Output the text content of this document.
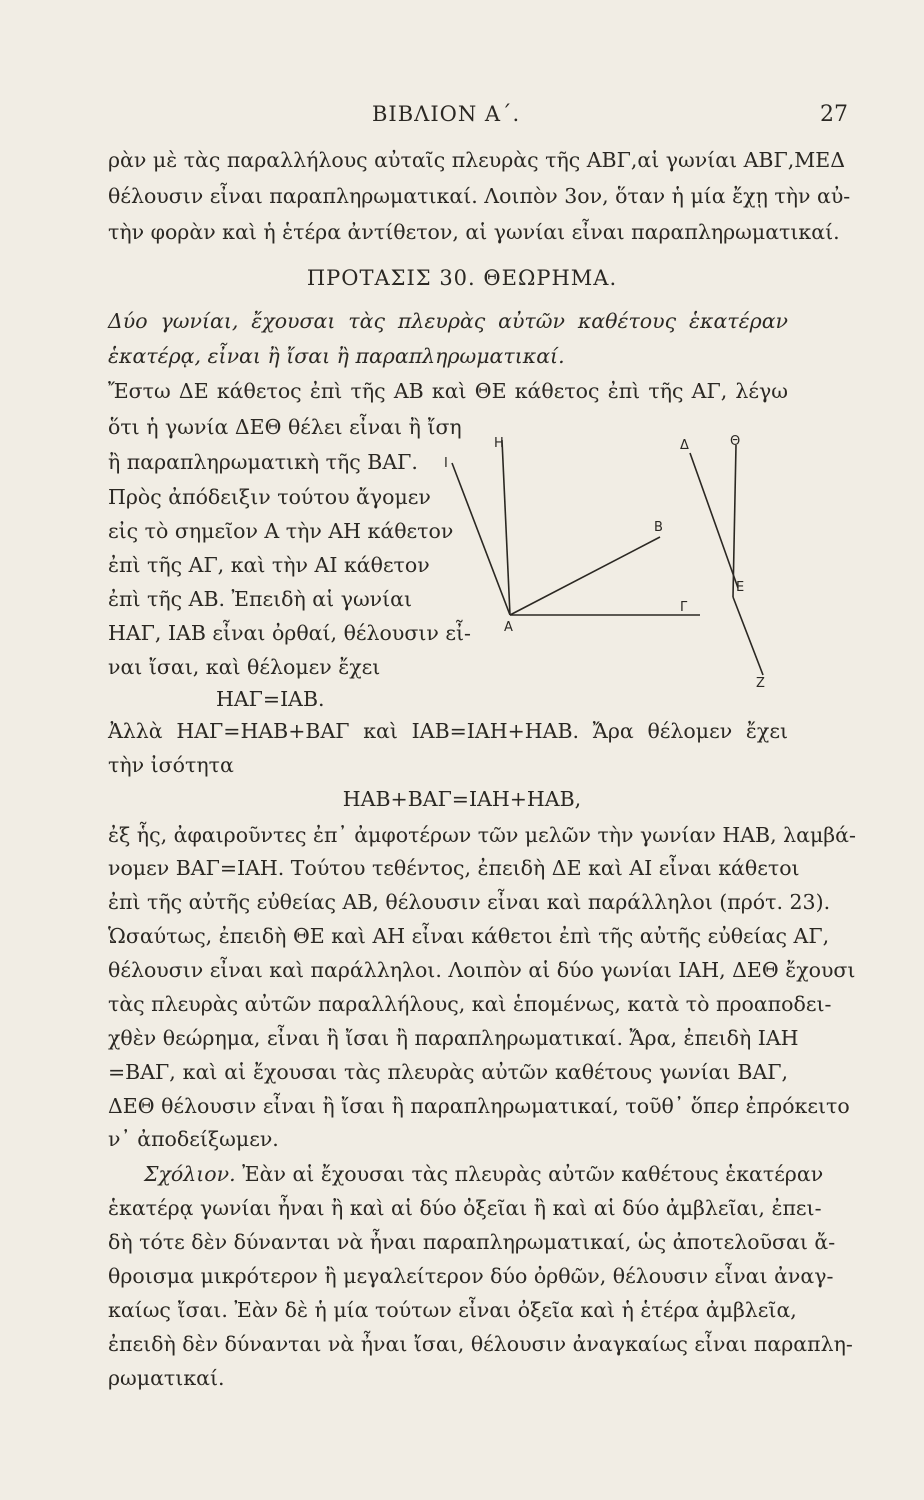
ΒΙΒΛΙΟΝ Α΄.	27
ρὰν μὲ τὰς παραλλήλους αὐταῖς πλευρὰς τῆς ΑΒΓ,αἱ γωνίαι ΑΒΓ,ΜΕΔ
θέλουσιν εἶναι παραπληρωματικαί. Λοιπὸν 3ον, ὅταν ἡ μία ἔχῃ τὴν αὐ-
τὴν φορὰν καὶ ἡ ἑτέρα ἀντίθετον, αἱ γωνίαι εἶναι παραπληρωματικαί.
ΠΡΟΤΑΣΙΣ 30. ΘΕΩΡΗΜΑ.
Δύο γωνίαι, ἔχουσαι τὰς πλευρὰς αὐτῶν καθέτους ἑκατέραν
ἑκατέρᾳ, εἶναι ἢ ἴσαι ἢ παραπληρωματικαί.
Ἔστω ΔΕ κάθετος ἐπὶ τῆς ΑΒ καὶ ΘΕ κάθετος ἐπὶ τῆς ΑΓ, λέγω
ὅτι ἡ γωνία ΔΕΘ θέλει εἶναι ἢ ἴση
ἢ παραπληρωματικὴ τῆς ΒΑΓ.
Πρὸς ἀπόδειξιν τούτου ἄγομεν
εἰς τὸ σημεῖον Α τὴν ΑΗ κάθετον
ἐπὶ τῆς ΑΓ, καὶ τὴν ΑΙ κάθετον
ἐπὶ τῆς ΑΒ. Ἐπειδὴ αἱ γωνίαι
ΗΑΓ, ΙΑΒ εἶναι ὀρθαί, θέλουσιν εἶ-
ναι ἴσαι, καὶ θέλομεν ἔχει
ΗΑΓ=ΙΑΒ.
Η
Ι
Δ	Θ
Β
Ε
Α
Γ
Ζ
Ἀλλὰ ΗΑΓ=ΗΑΒ+ΒΑΓ καὶ ΙΑΒ=ΙΑΗ+ΗΑΒ. Ἄρα θέλομεν ἔχει
τὴν ἰσότητα
ΗΑΒ+ΒΑΓ=ΙΑΗ+ΗΑΒ,
ἐξ ἧς, ἀφαιροῦντες ἐπ᾽ ἀμφοτέρων τῶν μελῶν τὴν γωνίαν ΗΑΒ, λαμβά-
νομεν ΒΑΓ=ΙΑΗ. Τούτου τεθέντος, ἐπειδὴ ΔΕ καὶ ΑΙ εἶναι κάθετοι
ἐπὶ τῆς αὐτῆς εὐθείας ΑΒ, θέλουσιν εἶναι καὶ παράλληλοι (πρότ. 23).
Ὡσαύτως, ἐπειδὴ ΘΕ καὶ ΑΗ εἶναι κάθετοι ἐπὶ τῆς αὐτῆς εὐθείας ΑΓ,
θέλουσιν εἶναι καὶ παράλληλοι. Λοιπὸν αἱ δύο γωνίαι ΙΑΗ, ΔΕΘ ἔχουσι
τὰς πλευρὰς αὐτῶν παραλλήλους, καὶ ἑπομένως, κατὰ τὸ προαποδει-
χθὲν θεώρημα, εἶναι ἢ ἴσαι ἢ παραπληρωματικαί. Ἄρα, ἐπειδὴ ΙΑΗ
=ΒΑΓ, καὶ αἱ ἔχουσαι τὰς πλευρὰς αὐτῶν καθέτους γωνίαι ΒΑΓ,
ΔΕΘ θέλουσιν εἶναι ἢ ἴσαι ἢ παραπληρωματικαί, τοῦθ᾽ ὅπερ ἐπρόκειτο
ν᾽ ἀποδείξωμεν.
Σχόλιον. Ἐὰν αἱ ἔχουσαι τὰς πλευρὰς αὐτῶν καθέτους ἑκατέραν
ἑκατέρᾳ γωνίαι ἦναι ἢ καὶ αἱ δύο ὀξεῖαι ἢ καὶ αἱ δύο ἀμβλεῖαι, ἐπει-
δὴ τότε δὲν δύνανται νὰ ἦναι παραπληρωματικαί, ὡς ἀποτελοῦσαι ἄ-
θροισμα μικρότερον ἢ μεγαλείτερον δύο ὀρθῶν, θέλουσιν εἶναι ἀναγ-
καίως ἴσαι. Ἐὰν δὲ ἡ μία τούτων εἶναι ὀξεῖα καὶ ἡ ἑτέρα ἀμβλεῖα,
ἐπειδὴ δὲν δύνανται νὰ ἦναι ἴσαι, θέλουσιν ἀναγκαίως εἶναι παραπλη-
ρωματικαί.
